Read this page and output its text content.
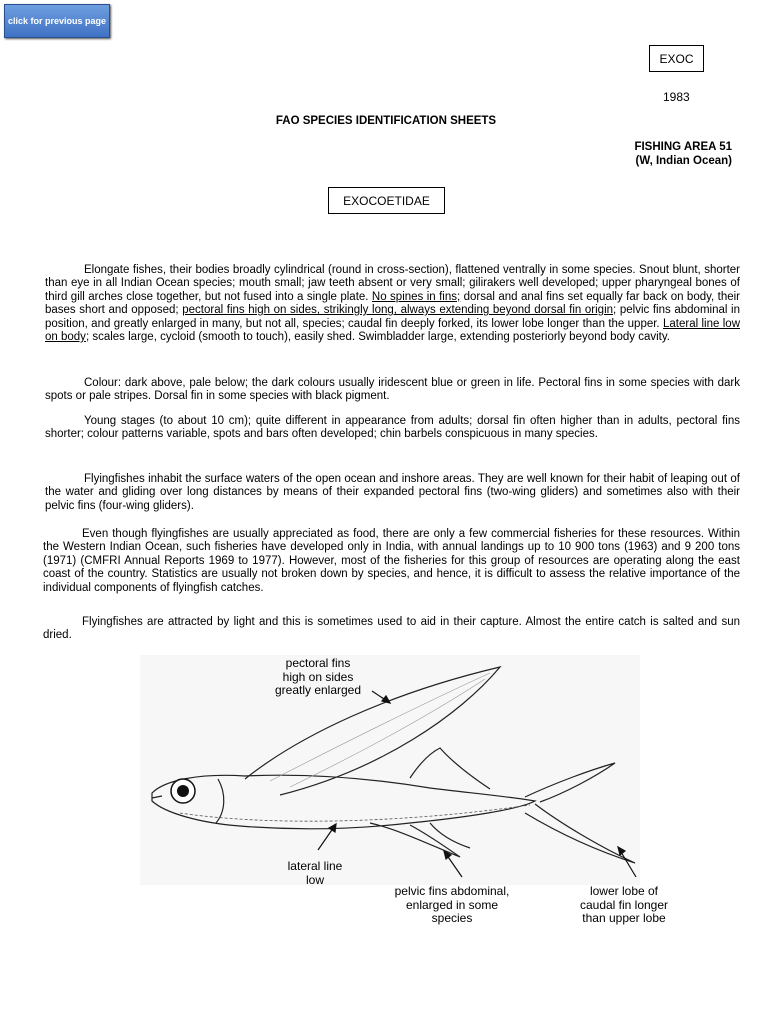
click for previous page
EXOC
1983
FAO SPECIES IDENTIFICATION SHEETS
FISHING AREA 51
(W, Indian Ocean)
EXOCOETIDAE

Elongate fishes, their bodies broadly cylindrical (round in cross-section), flattened ventrally in some species. Snout blunt, shorter than eye in all Indian Ocean species; mouth small; jaw teeth absent or very small; gilirakers well developed; upper pharyngeal bones of third gill arches close together, but not fused into a single plate. No spines in fins; dorsal and anal fins set equally far back on body, their bases short and opposed; pectoral fins high on sides, strikingly long, always extending beyond dorsal fin origin; pelvic fins abdominal in position, and greatly enlarged in many, but not all, species; caudal fin deeply forked, its lower lobe longer than the upper. Lateral line low on body; scales large, cycloid (smooth to touch), easily shed. Swimbladder large, extending posteriorly beyond body cavity.

Colour: dark above, pale below; the dark colours usually iridescent blue or green in life. Pectoral fins in some species with dark spots or pale stripes. Dorsal fin in some species with black pigment.

Young stages (to about 10 cm); quite different in appearance from adults; dorsal fin often higher than in adults, pectoral fins shorter; colour patterns variable, spots and bars often developed; chin barbels conspicuous in many species.

Flyingfishes inhabit the surface waters of the open ocean and inshore areas. They are well known for their habit of leaping out of the water and gliding over long distances by means of their expanded pectoral fins (two-wing gliders) and sometimes also with their pelvic fins (four-wing gliders).

Even though flyingfishes are usually appreciated as food, there are only a few commercial fisheries for these resources. Within the Western Indian Ocean, such fisheries have developed only in India, with annual landings up to 10 900 tons (1963) and 9 200 tons (1971) (CMFRI Annual Reports 1969 to 1977). However, most of the fisheries for this group of resources are operating along the east coast of the country. Statistics are usually not broken down by species, and hence, it is difficult to assess the relative importance of the individual components of flyingfish catches.

Flyingfishes are attracted by light and this is sometimes used to aid in their capture. Almost the entire catch is salted and sun dried.

pectoral fins
high on sides
greatly enlarged
lateral line
low
pelvic fins abdominal,
enlarged in some
species
lower lobe of
caudal fin longer
than upper lobe
